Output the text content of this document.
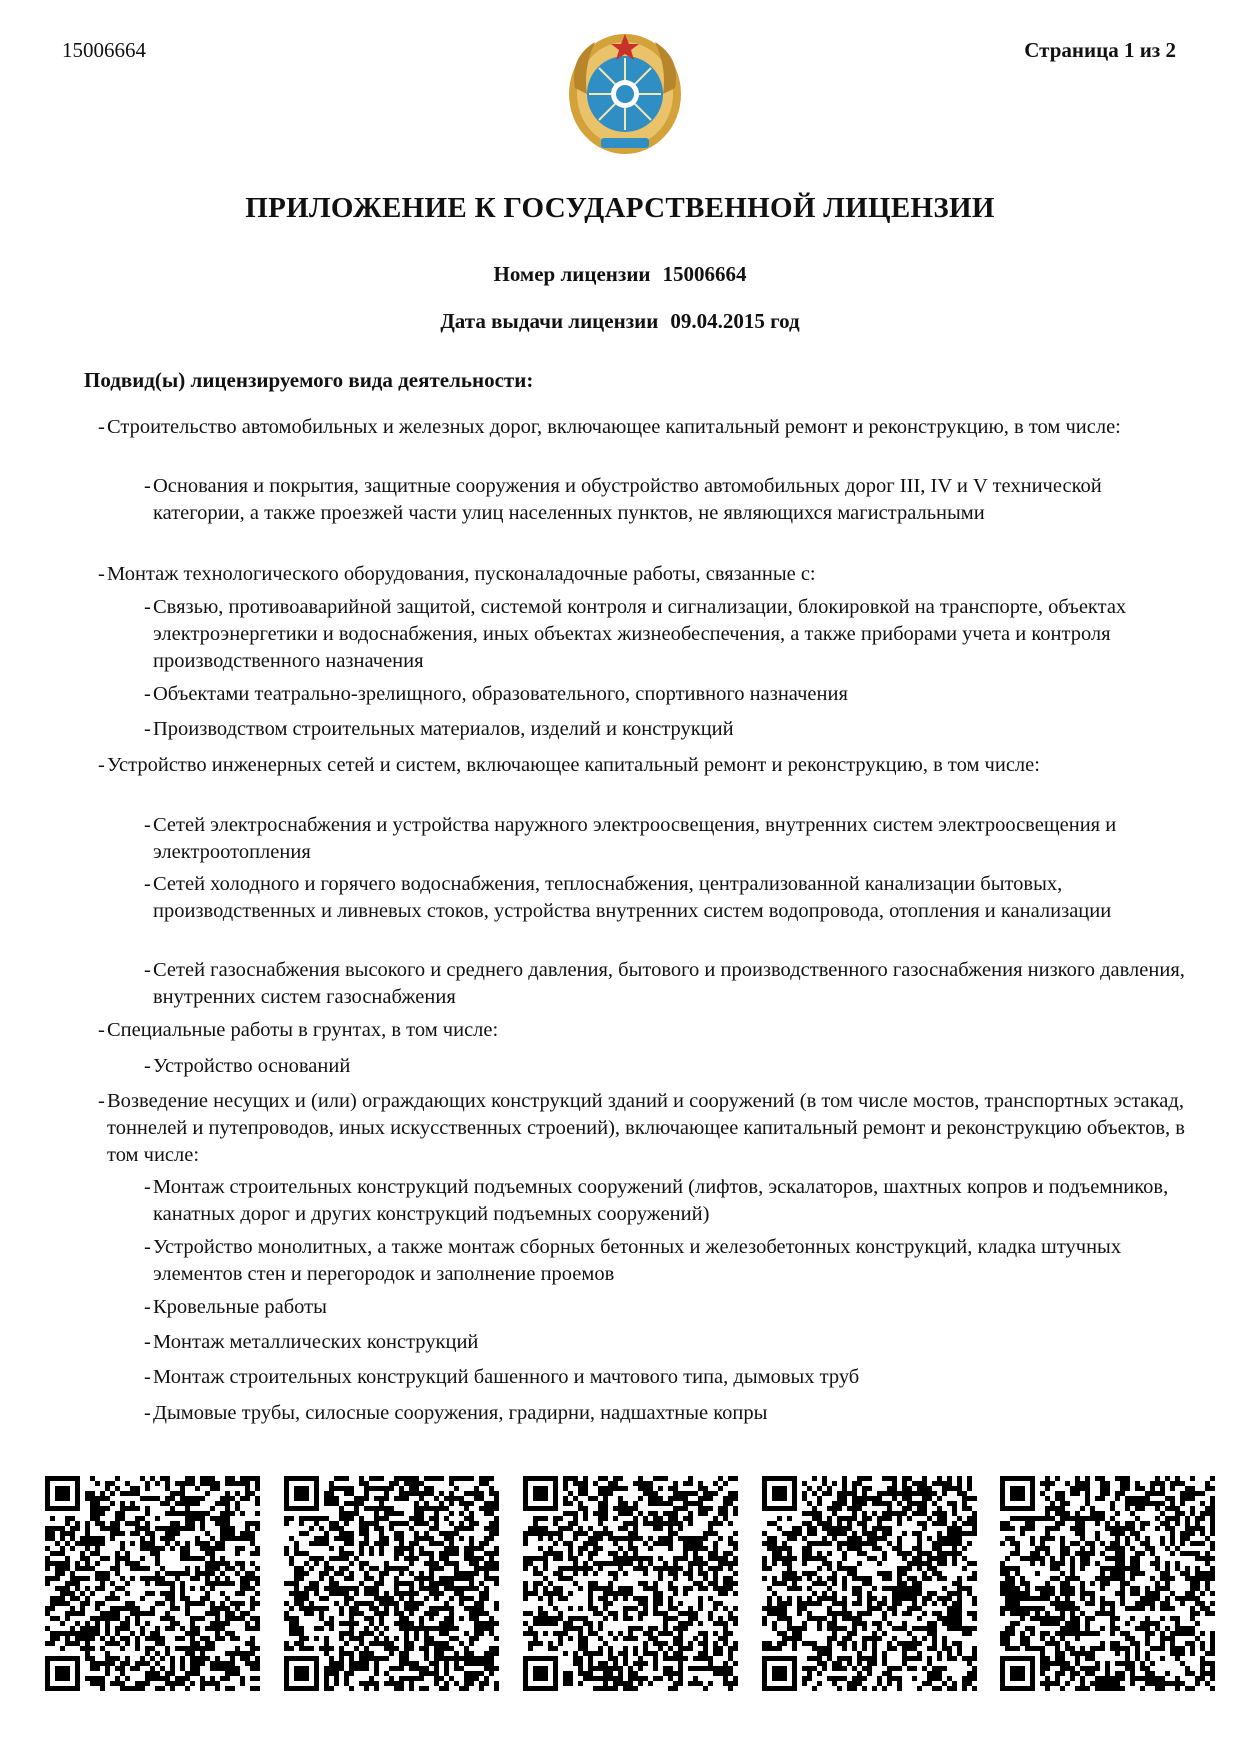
15006664	Страница 1 из 2
ПРИЛОЖЕНИЕ К ГОСУДАРСТВЕННОЙ ЛИЦЕНЗИИ
Номер лицензии 15006664
Дата выдачи лицензии 09.04.2015 год
Подвид(ы) лицензируемого вида деятельности:
- Строительство автомобильных и железных дорог, включающее капитальный ремонт и реконструкцию, в том числе:
- Основания и покрытия, защитные сооружения и обустройство автомобильных дорог III, IV и V технической категории, а также проезжей части улиц населенных пунктов, не являющихся магистральными
- Монтаж технологического оборудования, пусконаладочные работы, связанные с:
- Связью, противоаварийной защитой, системой контроля и сигнализации, блокировкой на транспорте, объектах электроэнергетики и водоснабжения, иных объектах жизнеобеспечения, а также приборами учета и контроля производственного назначения
- Объектами театрально-зрелищного, образовательного, спортивного назначения
- Производством строительных материалов, изделий и конструкций
- Устройство инженерных сетей и систем, включающее капитальный ремонт и реконструкцию, в том числе:
- Сетей электроснабжения и устройства наружного электроосвещения, внутренних систем электроосвещения и электроотопления
- Сетей холодного и горячего водоснабжения, теплоснабжения, централизованной канализации бытовых, производственных и ливневых стоков, устройства внутренних систем водопровода, отопления и канализации
- Сетей газоснабжения высокого и среднего давления, бытового и производственного газоснабжения низкого давления, внутренних систем газоснабжения
- Специальные работы в грунтах, в том числе:
- Устройство оснований
- Возведение несущих и (или) ограждающих конструкций зданий и сооружений (в том числе мостов, транспортных эстакад, тоннелей и путепроводов, иных искусственных строений), включающее капитальный ремонт и реконструкцию объектов, в том числе:
- Монтаж строительных конструкций подъемных сооружений (лифтов, эскалаторов, шахтных копров и подъемников, канатных дорог и других конструкций подъемных сооружений)
- Устройство монолитных, а также монтаж сборных бетонных и железобетонных конструкций, кладка штучных элементов стен и перегородок и заполнение проемов
- Кровельные работы
- Монтаж металлических конструкций
- Монтаж строительных конструкций башенного и мачтового типа, дымовых труб
- Дымовые трубы, силосные сооружения, градирни, надшахтные копры
